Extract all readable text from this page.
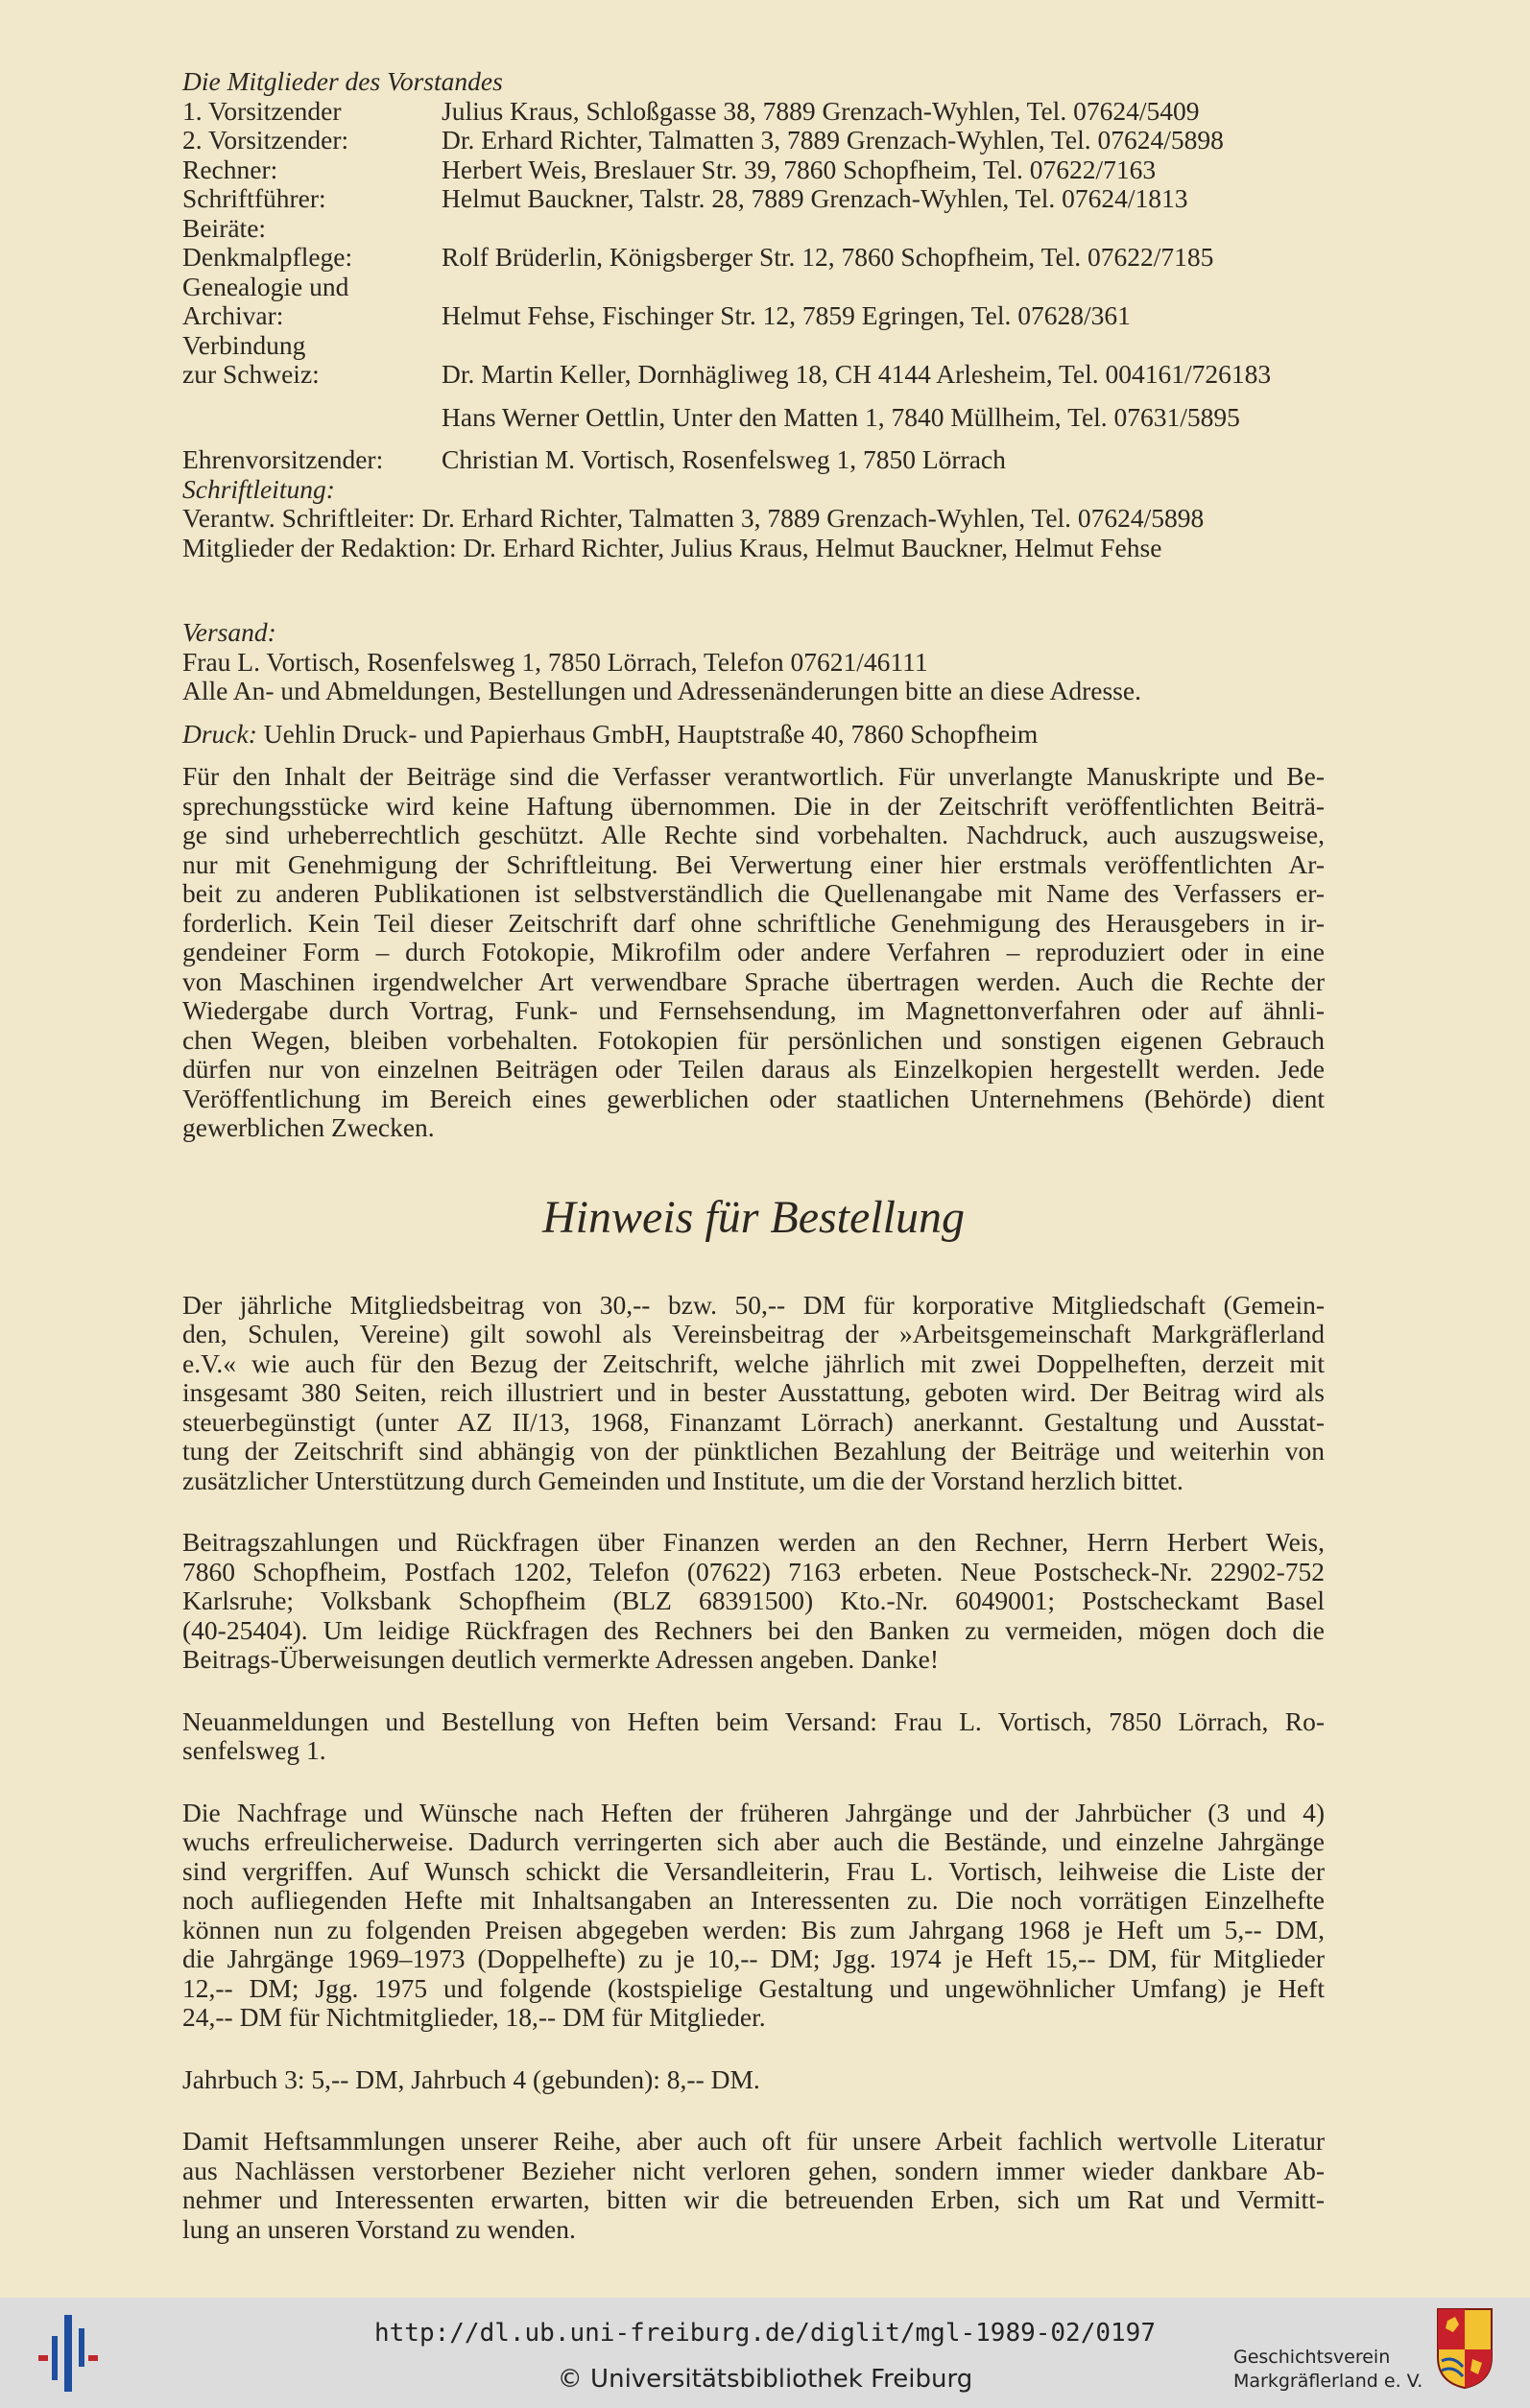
Die Mitglieder des Vorstandes
1. Vorsitzender	Julius Kraus, Schloßgasse 38, 7889 Grenzach-Wyhlen, Tel. 07624/5409
2. Vorsitzender:	Dr. Erhard Richter, Talmatten 3, 7889 Grenzach-Wyhlen, Tel. 07624/5898
Rechner:	Herbert Weis, Breslauer Str. 39, 7860 Schopfheim, Tel. 07622/7163
Schriftführer:	Helmut Bauckner, Talstr. 28, 7889 Grenzach-Wyhlen, Tel. 07624/1813
Beiräte:
Denkmalpflege:	Rolf Brüderlin, Königsberger Str. 12, 7860 Schopfheim, Tel. 07622/7185
Genealogie und
Archivar:	Helmut Fehse, Fischinger Str. 12, 7859 Egringen, Tel. 07628/361
Verbindung
zur Schweiz:	Dr. Martin Keller, Dornhägliweg 18, CH 4144 Arlesheim, Tel. 004161/726183
Hans Werner Oettlin, Unter den Matten 1, 7840 Müllheim, Tel. 07631/5895
Ehrenvorsitzender:	Christian M. Vortisch, Rosenfelsweg 1, 7850 Lörrach
Schriftleitung:
Verantw. Schriftleiter: Dr. Erhard Richter, Talmatten 3, 7889 Grenzach-Wyhlen, Tel. 07624/5898
Mitglieder der Redaktion: Dr. Erhard Richter, Julius Kraus, Helmut Bauckner, Helmut Fehse
Versand:
Frau L. Vortisch, Rosenfelsweg 1, 7850 Lörrach, Telefon 07621/46111
Alle An- und Abmeldungen, Bestellungen und Adressenänderungen bitte an diese Adresse.
Druck: Uehlin Druck- und Papierhaus GmbH, Hauptstraße 40, 7860 Schopfheim
Für den Inhalt der Beiträge sind die Verfasser verantwortlich. Für unverlangte Manuskripte und Be-
sprechungsstücke wird keine Haftung übernommen. Die in der Zeitschrift veröffentlichten Beiträ-
ge sind urheberrechtlich geschützt. Alle Rechte sind vorbehalten. Nachdruck, auch auszugsweise,
nur mit Genehmigung der Schriftleitung. Bei Verwertung einer hier erstmals veröffentlichten Ar-
beit zu anderen Publikationen ist selbstverständlich die Quellenangabe mit Name des Verfassers er-
forderlich. Kein Teil dieser Zeitschrift darf ohne schriftliche Genehmigung des Herausgebers in ir-
gendeiner Form – durch Fotokopie, Mikrofilm oder andere Verfahren – reproduziert oder in eine
von Maschinen irgendwelcher Art verwendbare Sprache übertragen werden. Auch die Rechte der
Wiedergabe durch Vortrag, Funk- und Fernsehsendung, im Magnettonverfahren oder auf ähnli-
chen Wegen, bleiben vorbehalten. Fotokopien für persönlichen und sonstigen eigenen Gebrauch
dürfen nur von einzelnen Beiträgen oder Teilen daraus als Einzelkopien hergestellt werden. Jede
Veröffentlichung im Bereich eines gewerblichen oder staatlichen Unternehmens (Behörde) dient
gewerblichen Zwecken.
Hinweis für Bestellung
Der jährliche Mitgliedsbeitrag von 30,-- bzw. 50,-- DM für korporative Mitgliedschaft (Gemein-
den, Schulen, Vereine) gilt sowohl als Vereinsbeitrag der »Arbeitsgemeinschaft Markgräflerland
e.V.« wie auch für den Bezug der Zeitschrift, welche jährlich mit zwei Doppelheften, derzeit mit
insgesamt 380 Seiten, reich illustriert und in bester Ausstattung, geboten wird. Der Beitrag wird als
steuerbegünstigt (unter AZ II/13, 1968, Finanzamt Lörrach) anerkannt. Gestaltung und Ausstat-
tung der Zeitschrift sind abhängig von der pünktlichen Bezahlung der Beiträge und weiterhin von
zusätzlicher Unterstützung durch Gemeinden und Institute, um die der Vorstand herzlich bittet.
Beitragszahlungen und Rückfragen über Finanzen werden an den Rechner, Herrn Herbert Weis,
7860 Schopfheim, Postfach 1202, Telefon (07622) 7163 erbeten. Neue Postscheck-Nr. 22902-752
Karlsruhe; Volksbank Schopfheim (BLZ 68391500) Kto.-Nr. 6049001; Postscheckamt Basel
(40-25404). Um leidige Rückfragen des Rechners bei den Banken zu vermeiden, mögen doch die
Beitrags-Überweisungen deutlich vermerkte Adressen angeben. Danke!
Neuanmeldungen und Bestellung von Heften beim Versand: Frau L. Vortisch, 7850 Lörrach, Ro-
senfelsweg 1.
Die Nachfrage und Wünsche nach Heften der früheren Jahrgänge und der Jahrbücher (3 und 4)
wuchs erfreulicherweise. Dadurch verringerten sich aber auch die Bestände, und einzelne Jahrgänge
sind vergriffen. Auf Wunsch schickt die Versandleiterin, Frau L. Vortisch, leihweise die Liste der
noch aufliegenden Hefte mit Inhaltsangaben an Interessenten zu. Die noch vorrätigen Einzelhefte
können nun zu folgenden Preisen abgegeben werden: Bis zum Jahrgang 1968 je Heft um 5,-- DM,
die Jahrgänge 1969–1973 (Doppelhefte) zu je 10,-- DM; Jgg. 1974 je Heft 15,-- DM, für Mitglieder
12,-- DM; Jgg. 1975 und folgende (kostspielige Gestaltung und ungewöhnlicher Umfang) je Heft
24,-- DM für Nichtmitglieder, 18,-- DM für Mitglieder.
Jahrbuch 3: 5,-- DM, Jahrbuch 4 (gebunden): 8,-- DM.
Damit Heftsammlungen unserer Reihe, aber auch oft für unsere Arbeit fachlich wertvolle Literatur
aus Nachlässen verstorbener Bezieher nicht verloren gehen, sondern immer wieder dankbare Ab-
nehmer und Interessenten erwarten, bitten wir die betreuenden Erben, sich um Rat und Vermitt-
lung an unseren Vorstand zu wenden.
http://dl.ub.uni-freiburg.de/diglit/mgl-1989-02/0197
© Universitätsbibliothek Freiburg
Geschichtsverein
Markgräflerland e. V.
